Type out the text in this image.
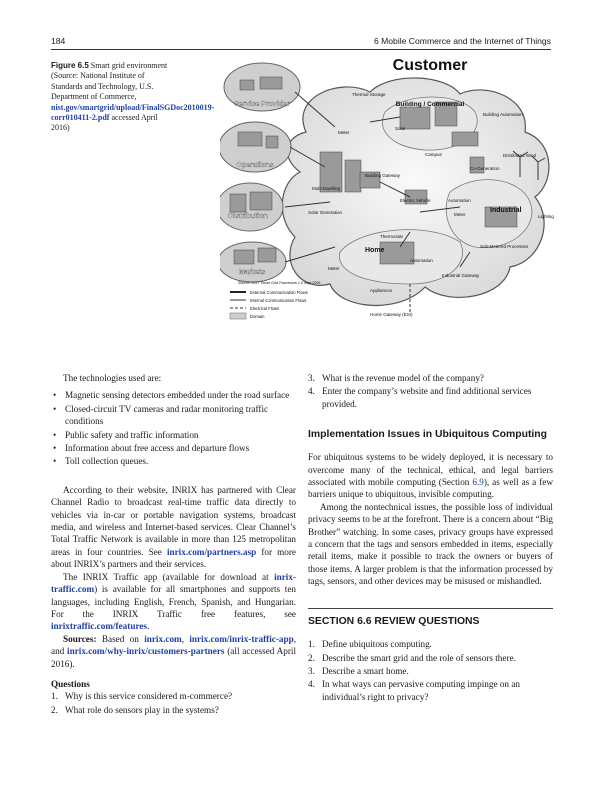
184	6 Mobile Commerce and the Internet of Things
Figure 6.5 Smart grid environment (Source: National Institute of Standards and Technology, U.S. Department of Commerce, nist.gov/smartgrid/upload/FinalSGDoc2010019-corr010411-2.pdf accessed April 2016)
Customer
Service Provider
Operations
Distribution
Markets
Building / Commercial
Thermal Storage
Meter
Solar
Campus
Building Automation
Distributed Wind
Co-Generation
Multi-Dwelling
Solar Generation
Building Gateway
Electric Vehicle	Automation
Industrial
Meter	Lighting
Thermostat
Home
Automation
Sub-Metered Processes
Meter
Appliances
Industrial Gateway
Home Gateway (ESI)
Source: NIST Smart Grid Framework 1.0 Sept 2009
External Communication Flows
Internal Communication Flows
Electrical Flows
Domain

The technologies used are:

• Magnetic sensing detectors embedded under the road surface
• Closed-circuit TV cameras and radar monitoring traffic conditions
• Public safety and traffic information
• Information about free access and departure flows
• Toll collection queues.

According to their website, INRIX has partnered with Clear Channel Radio to broadcast real-time traffic data directly to vehicles via in-car or portable navigation systems, broadcast media, and wireless and Internet-based services. Clear Channel’s Total Traffic Network is available in more than 125 metropolitan areas in four countries. See inrix.com/partners.asp for more about INRIX’s partners and their services.

The INRIX Traffic app (available for download at inrix-traffic.com) is available for all smartphones and supports ten languages, including English, French, Spanish, and Hungarian. For the INRIX Traffic free features, see inrixtraffic.com/features.

Sources: Based on inrix.com, inrix.com/inrix-traffic-app, and inrix.com/why-inrix/customers-partners (all accessed April 2016).

Questions

1. Why is this service considered m-commerce?
2. What role do sensors play in the systems?
3. What is the revenue model of the company?
4. Enter the company’s website and find additional services provided.
Implementation Issues in Ubiquitous Computing

For ubiquitous systems to be widely deployed, it is necessary to overcome many of the technical, ethical, and legal barriers associated with mobile computing (Section 6.9), as well as a few barriers unique to ubiquitous, invisible computing.

Among the nontechnical issues, the possible loss of individual privacy seems to be at the forefront. There is a concern about “Big Brother” watching. In some cases, privacy groups have expressed a concern that the tags and sensors embedded in items, especially retail items, make it possible to track the owners or buyers of those items. A larger problem is that the information processed by tags, sensors, and other devices may be misused or mishandled.

SECTION 6.6 REVIEW QUESTIONS
1. Define ubiquitous computing.
2. Describe the smart grid and the role of sensors there.
3. Describe a smart home.
4. In what ways can pervasive computing impinge on an individual’s right to privacy?
